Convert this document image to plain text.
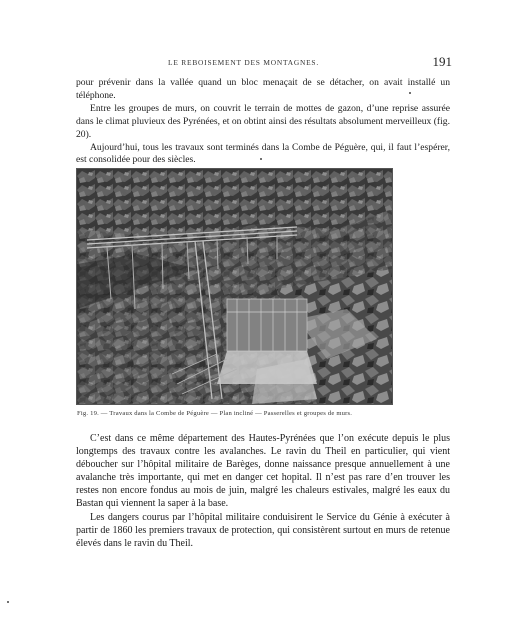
LE REBOISEMENT DES MONTAGNES.	191

pour prévenir dans la vallée quand un bloc menaçait de se détacher, on avait installé un téléphone.

Entre les groupes de murs, on couvrit le terrain de mottes de gazon, d’une reprise assurée dans le climat pluvieux des Pyrénées, et on obtint ainsi des résultats absolument merveilleux (fig. 20).

Aujourd’hui, tous les travaux sont terminés dans la Combe de Péguère, qui, il faut l’espérer, est consolidée pour des siècles.

Fig. 19. — Travaux dans la Combe de Péguère — Plan incliné — Passerelles et groupes de murs.

C’est dans ce même département des Hautes-Pyrénées que l’on exécute depuis le plus longtemps des travaux contre les avalanches. Le ravin du Theil en particulier, qui vient déboucher sur l’hôpital militaire de Barèges, donne naissance presque annuellement à une avalanche très importante, qui met en danger cet hopital. Il n’est pas rare d’en trouver les restes non encore fondus au mois de juin, malgré les chaleurs estivales, malgré les eaux du Bastan qui viennent la saper à la base.

Les dangers courus par l’hôpital militaire conduisirent le Service du Génie à exécuter à partir de 1860 les premiers travaux de protection, qui consistèrent surtout en murs de retenue élevés dans le ravin du Theil.
